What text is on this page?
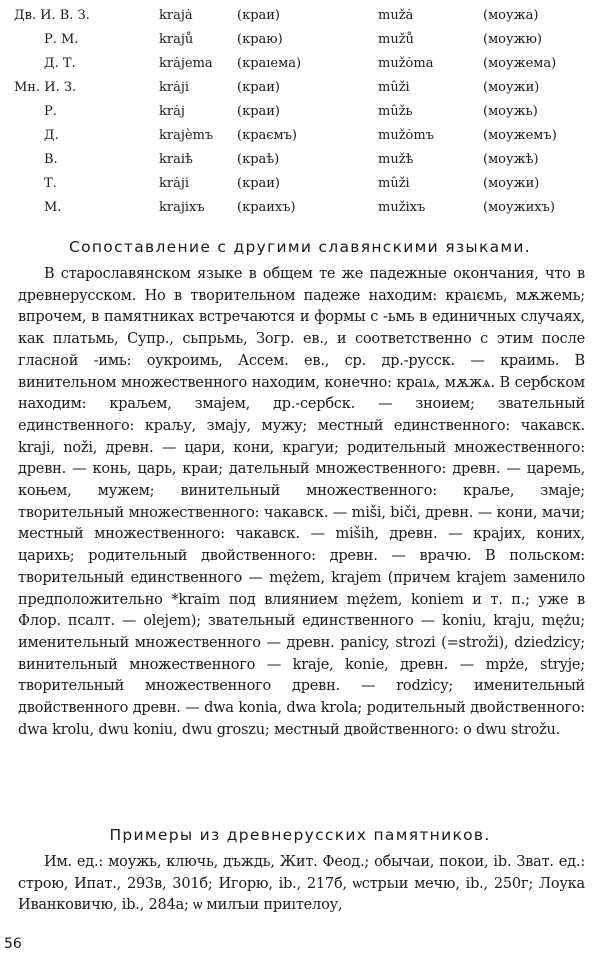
Дв. И. В. З.	krajȧ	(краи)	mužȧ	(моужа)
Р. М.	krajů	(краю)	mužů	(моужю)
Д. Т.	krȧjema (краıема)	mužȯma	(моужема)
Мн. И. З.	krȧji	(краи)	mȗži	(моужи)
Р.	krȧj	(краи)	mȗžь	(моужь)
Д.	krajèmъ (краємъ)	mužȯmъ	(моужемъ)
В.	kraiѣ	(краѣ)	mužѣ	(моужѣ)
Т.	krȧji	(краи)	mȗži	(моужи)
М.	krajiхъ (краихъ)	mužiхъ	(моужихъ)
Сопоставление с другими славянскими языками.

В старославянском языке в общем те же падежные окончания, что в древнерусском. Но в творительном падеже находим: краıємь, мѫжемь; впрочем, в памятниках встречаются и формы с -ьмь в единичных случаях, как платьмь, Супр., сьпрьмь, Зогр. ев., и соответственно с этим после гласной -имь: оукроимь, Ассем. ев., ср. др.-русск. — краимь. В винительном множественного находим, конечно: краıѧ, мѫжѧ. В сербском находим: краљем, змаjем, др.-сербск. — зноием; звательный единственного: краљу, змаjу, мужу; местный единственного: чакавск. kraji, noži, древн. — цари, кони, крагуи; родительный множественного: древн. — конь, царь, краи; дательный множественного: древн. — царемь, коњем, мужем; винительный множественного: краље, змаjе; творительный множественного: чакавск. — miši, biči, древн. — кони, мачи; местный множественного: чакавск. — miših, древн. — краjих, коних, царихь; родительный двойственного: древн. — врачю. В польском: творительный единственного — mężem, krajem (причем krajem заменило предположительно *kraim под влиянием mężem, koniem и т. п.; уже в Флор. псалт. — olejem); звательный единственного — koniu, kraju, mężu; именительный множественного — древн. panicy, strozi (=stroži), dziedzicy; винительный множественного — kraje, konie, древн. — mpże, stryje; творительный множественного древн. — rodzicy; именительный двойственного древн. — dwa konia, dwa krola; родительный двойственного: dwa krolu, dwu koniu, dwu groszu; местный двойственного: o dwu strožu.

Примеры из древнерусских памятников.

Им. ед.: моужь, ключь, дъждь, Жит. Феод.; обычаи, покои, ib. Зват. ед.: строю, Ипат., 293в, 301б; Игорю, ib., 217б, ѡстрьıи мечю, ib., 250г; Лоука Иванковичю, ib., 284а; ѡ милъıи приıтелоу,

56
